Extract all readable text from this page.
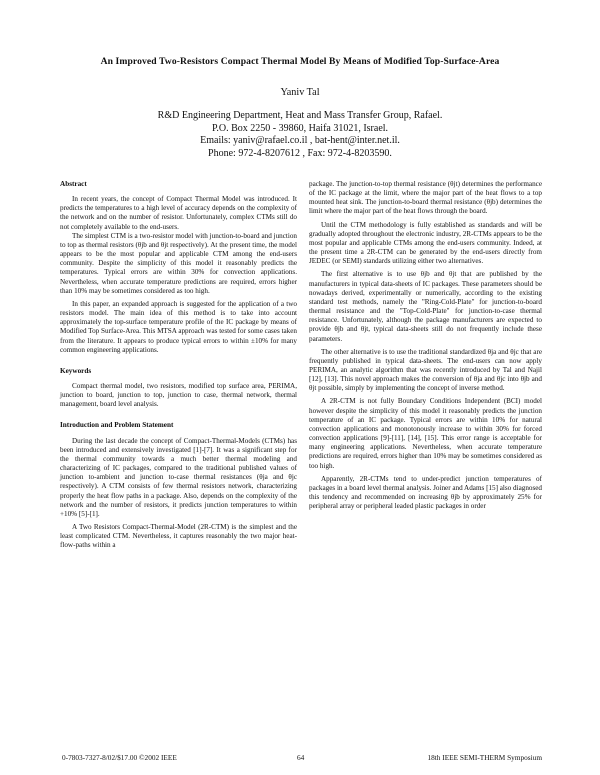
An Improved Two-Resistors Compact Thermal Model By Means of Modified Top-Surface-Area
Yaniv Tal
R&D Engineering Department, Heat and Mass Transfer Group, Rafael.
P.O. Box 2250 - 39860, Haifa 31021, Israel.
Emails: yaniv@rafael.co.il , bat-hent@inter.net.il.
Phone: 972-4-8207612 , Fax: 972-4-8203590.
Abstract

In recent years, the concept of Compact Thermal Model was introduced. It predicts the temperatures to a high level of accuracy depends on the complexity of the network and on the number of resistor. Unfortunately, complex CTMs still do not completely available to the end-users.

The simplest CTM is a two-resistor model with junction-to-board and junction to top as thermal resistors (θjb and θjt respectively). At the present time, the model appears to be the most popular and applicable CTM among the end-users community. Despite the simplicity of this model it reasonably predicts the temperatures. Typical errors are within 30% for convection applications. Nevertheless, when accurate temperature predictions are required, errors higher than 10% may be sometimes considered as too high.

In this paper, an expanded approach is suggested for the application of a two resistors model. The main idea of this method is to take into account approximately the top-surface temperature profile of the IC package by means of Modified Top Surface-Area. This MTSA approach was tested for some cases taken from the literature. It appears to produce typical errors to within ±10% for many common engineering applications.

Keywords

Compact thermal model, two resistors, modified top surface area, PERIMA, junction to board, junction to top, junction to case, thermal network, thermal management, board level analysis.

Introduction and Problem Statement

During the last decade the concept of Compact-Thermal-Models (CTMs) has been introduced and extensively investigated [1]-[7]. It was a significant step for the thermal community towards a much better thermal modeling and characterizing of IC packages, compared to the traditional published values of junction to-ambient and junction to-case thermal resistances (θja and θjc respectively). A CTM consists of few thermal resistors network, characterizing properly the heat flow paths in a package. Also, depends on the complexity of the network and the number of resistors, it predicts junction temperatures to within +10% [5]-[1].

A Two Resistors Compact-Thermal-Model (2R-CTM) is the simplest and the least complicated CTM. Nevertheless, it captures reasonably the two major heat-flow-paths within a

package. The junction-to-top thermal resistance (θjt) determines the performance of the IC package at the limit, where the major part of the heat flows to a top mounted heat sink. The junction-to-board thermal resistance (θjb) determines the limit where the major part of the heat flows through the board.

Until the CTM methodology is fully established as standards and will be gradually adopted throughout the electronic industry, 2R-CTMs appears to be the most popular and applicable CTMs among the end-users community. Indeed, at the present time a 2R-CTM can be generated by the end-users directly from JEDEC (or SEMI) standards utilizing either two alternatives.

The first alternative is to use θjb and θjt that are published by the manufacturers in typical data-sheets of IC packages. These parameters should be nowadays derived, experimentally or numerically, according to the existing standard test methods, namely the "Ring-Cold-Plate" for junction-to-board thermal resistance and the "Top-Cold-Plate" for junction-to-case thermal resistance. Unfortunately, although the package manufacturers are expected to provide θjb and θjt, typical data-sheets still do not frequently include these parameters.

The other alternative is to use the traditional standardized θja and θjc that are frequently published in typical data-sheets. The end-users can now apply PERIMA, an analytic algorithm that was recently introduced by Tal and Najil [12], [13]. This novel approach makes the conversion of θja and θjc into θjb and θjt possible, simply by implementing the concept of inverse method.

A 2R-CTM is not fully Boundary Conditions Independent (BCI) model however despite the simplicity of this model it reasonably predicts the junction temperature of an IC package. Typical errors are within 10% for natural convection applications and monotonously increase to within 30% for forced convection applications [9]-[11], [14], [15]. This error range is acceptable for many engineering applications. Nevertheless, when accurate temperature predictions are required, errors higher than 10% may be sometimes considered as too high.

Apparently, 2R-CTMs tend to under-predict junction temperatures of packages in a board level thermal analysis. Joiner and Adams [15] also diagnosed this tendency and recommended on increasing θjb by approximately 25% for peripheral array or peripheral leaded plastic packages in order

0-7803-7327-8/02/$17.00 ©2002 IEEE	64	18th IEEE SEMI-THERM Symposium
